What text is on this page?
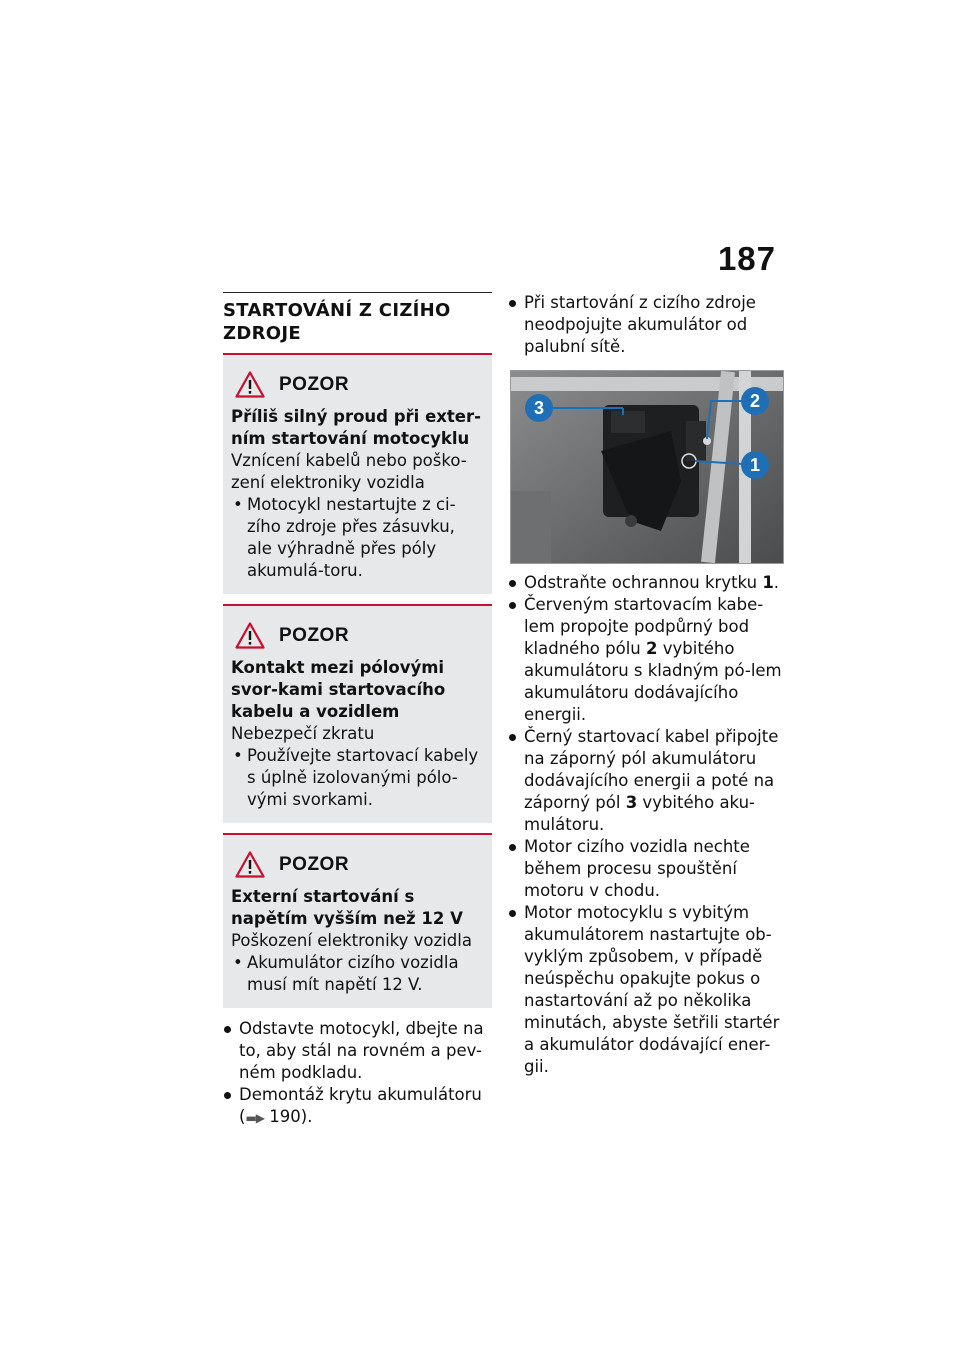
187
STARTOVÁNÍ Z CIZÍHO ZDROJE
POZOR
Příliš silný proud při exter-ním startování motocyklu
Vznícení kabelů nebo poško-zení elektroniky vozidla
• Motocykl nestartujte z ci-zího zdroje přes zásuvku, ale výhradně přes póly akumulá-toru.
POZOR
Kontakt mezi pólovými svor-kami startovacího kabelu a vozidlem
Nebezpečí zkratu
• Používejte startovací kabely s úplně izolovanými pólo-vými svorkami.
POZOR
Externí startování s napětím vyšším než 12 V
Poškození elektroniky vozidla
• Akumulátor cizího vozidla musí mít napětí 12 V.
Odstavte motocykl, dbejte na to, aby stál na rovném a pev-ném podkladu.
Demontáž krytu akumulátoru
(▬▶ 190).
Při startování z cizího zdroje neodpojujte akumulátor od palubní sítě.
3	2
1
Odstraňte ochrannou krytku 1.
Červeným startovacím kabe-lem propojte podpůrný bod kladného pólu 2 vybitého akumulátoru s kladným pó-lem akumulátoru dodávajícího energii.
Černý startovací kabel připojte na záporný pól akumulátoru dodávajícího energii a poté na záporný pól 3 vybitého aku-mulátoru.
Motor cizího vozidla nechte během procesu spouštění motoru v chodu.
Motor motocyklu s vybitým akumulátorem nastartujte ob-vyklým způsobem, v případě neúspěchu opakujte pokus o nastartování až po několika minutách, abyste šetřili startér a akumulátor dodávající ener-gii.
